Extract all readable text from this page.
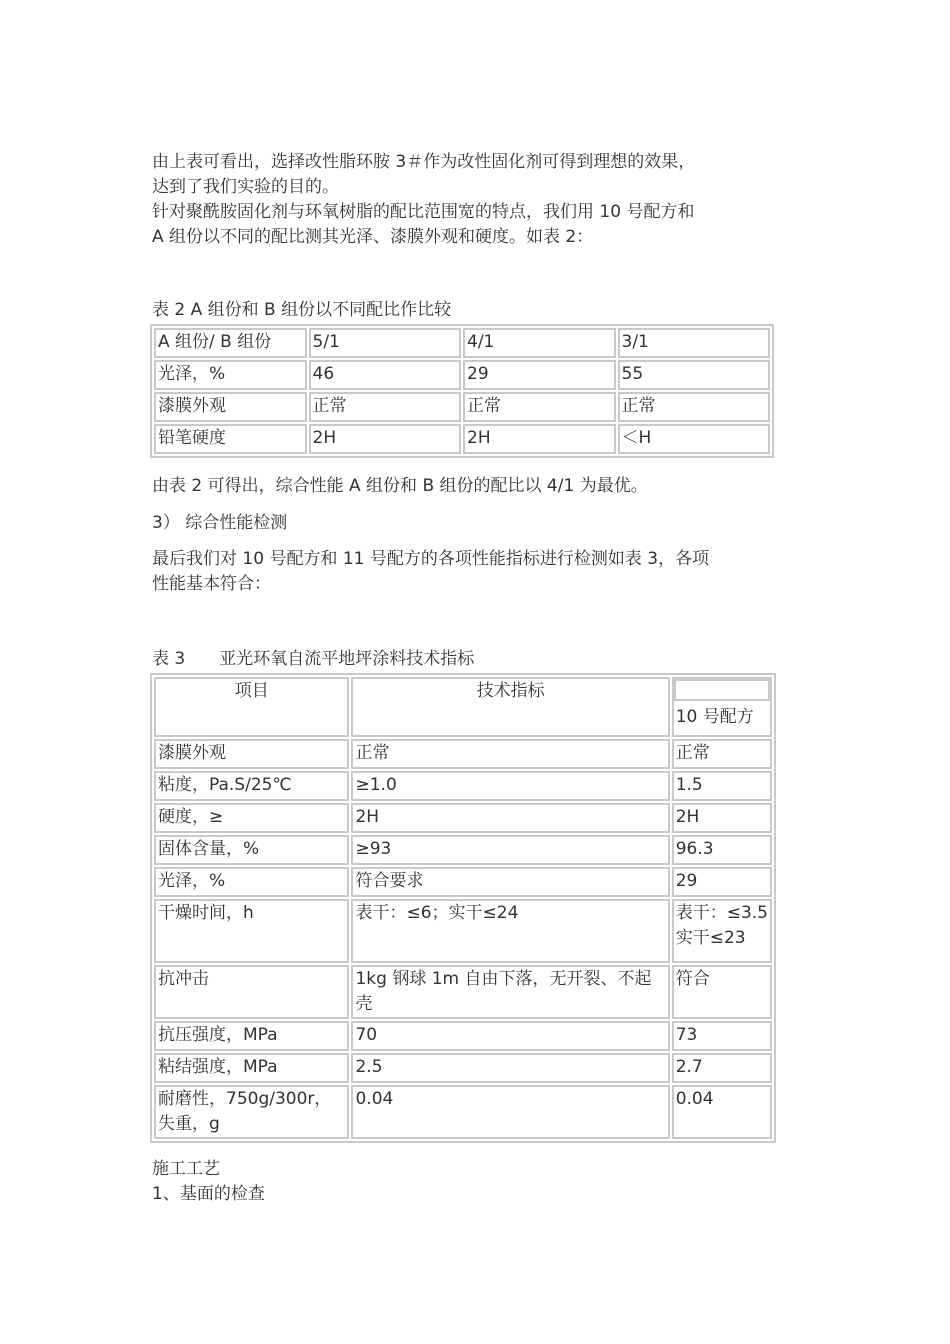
由上表可看出，选择改性脂环胺 3＃作为改性固化剂可得到理想的效果，
达到了我们实验的目的。
针对聚酰胺固化剂与环氧树脂的配比范围宽的特点，我们用 10 号配方和
A 组份以不同的配比测其光泽、漆膜外观和硬度。如表 2：
表 2 A 组份和 B 组份以不同配比作比较
A 组份/ B 组份	5/1	4/1	3/1
光泽，%	46	29	55
漆膜外观	正常	正常	正常
铅笔硬度	2H	2H	＜H
由表 2 可得出，综合性能 A 组份和 B 组份的配比以 4/1 为最优。
3） 综合性能检测
最后我们对 10 号配方和 11 号配方的各项性能指标进行检测如表 3，各项
性能基本符合：
表 3　　亚光环氧自流平地坪涂料技术指标
项目	技术指标	10 号配方

漆膜外观	正常	正常
粘度，Pa.S/25℃	≥1.0	1.5
硬度，≥	2H	2H
固体含量，%	≥93	96.3
光泽，%	符合要求	29
干燥时间，h	表干：≤6；实干≤24	表干：≤3.5
实干≤23
抗冲击	1kg 钢球 1m 自由下落，无开裂、不起
壳	符合
抗压强度，MPa	70	73
粘结强度，MPa	2.5	2.7
耐磨性，750g/300r，
失重，g	0.04	0.04
施工工艺
1、基面的检查
